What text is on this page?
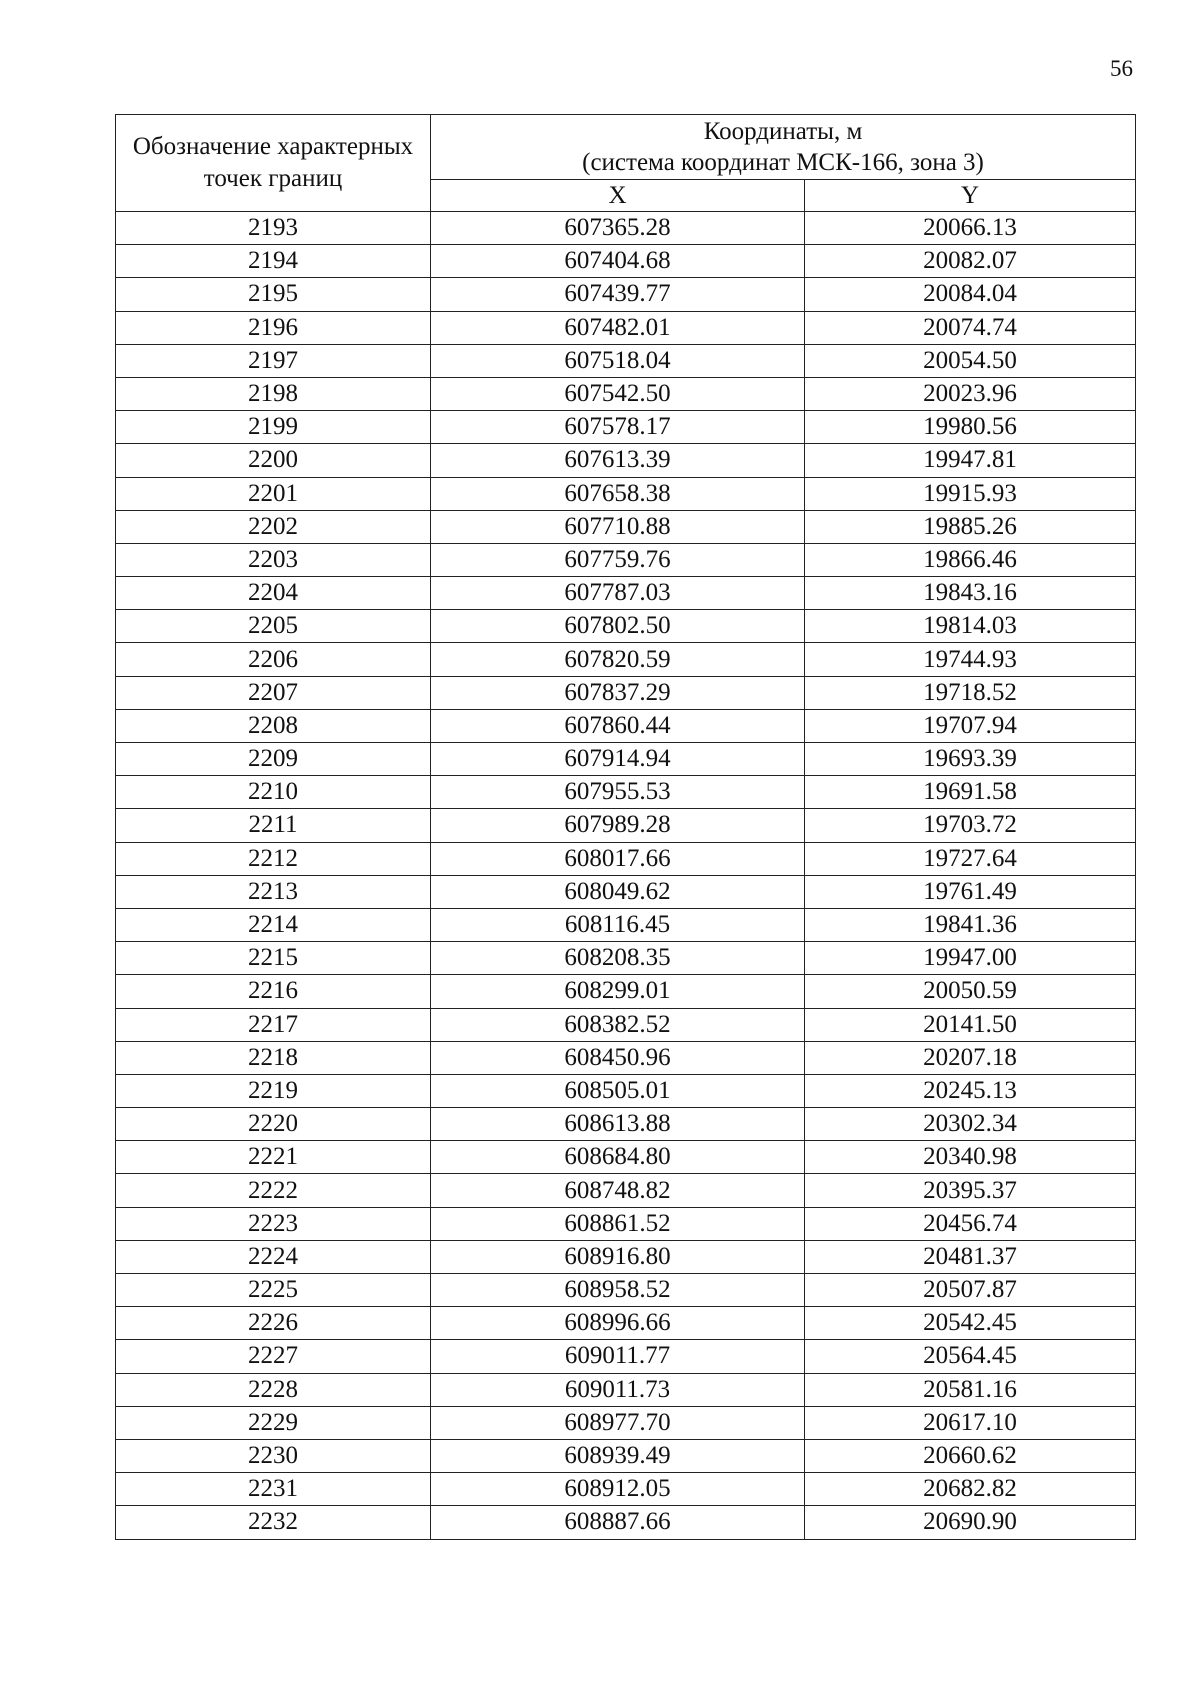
56
Обозначение характерных точек границ	Координаты, м
(система координат МСК-166, зона 3)	

	X	Y
2193	607365.28	20066.13
2194	607404.68	20082.07
2195	607439.77	20084.04
2196	607482.01	20074.74
2197	607518.04	20054.50
2198	607542.50	20023.96
2199	607578.17	19980.56
2200	607613.39	19947.81
2201	607658.38	19915.93
2202	607710.88	19885.26
2203	607759.76	19866.46
2204	607787.03	19843.16
2205	607802.50	19814.03
2206	607820.59	19744.93
2207	607837.29	19718.52
2208	607860.44	19707.94
2209	607914.94	19693.39
2210	607955.53	19691.58
2211	607989.28	19703.72
2212	608017.66	19727.64
2213	608049.62	19761.49
2214	608116.45	19841.36
2215	608208.35	19947.00
2216	608299.01	20050.59
2217	608382.52	20141.50
2218	608450.96	20207.18
2219	608505.01	20245.13
2220	608613.88	20302.34
2221	608684.80	20340.98
2222	608748.82	20395.37
2223	608861.52	20456.74
2224	608916.80	20481.37
2225	608958.52	20507.87
2226	608996.66	20542.45
2227	609011.77	20564.45
2228	609011.73	20581.16
2229	608977.70	20617.10
2230	608939.49	20660.62
2231	608912.05	20682.82
2232	608887.66	20690.90
